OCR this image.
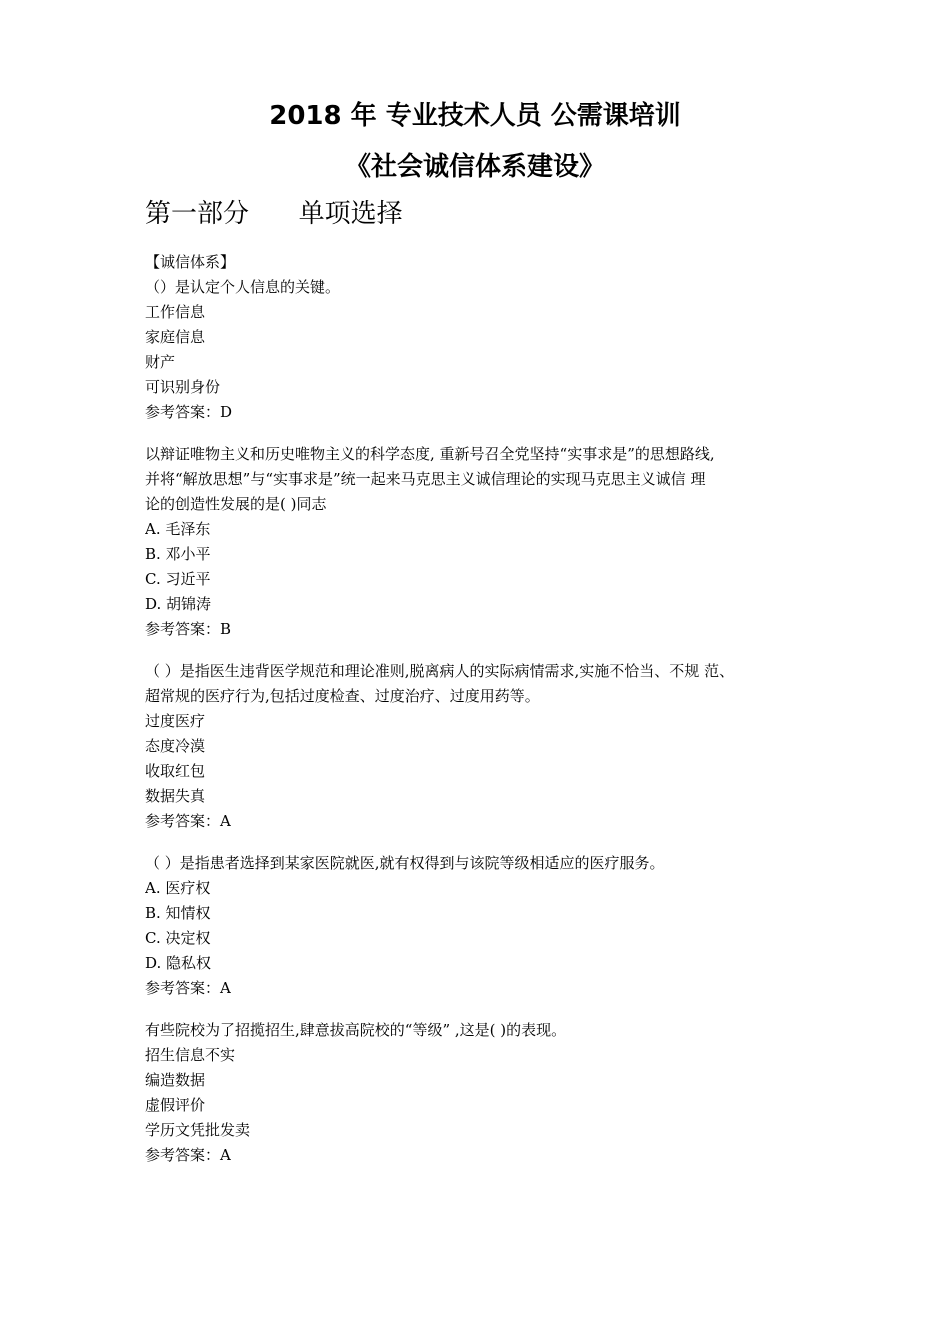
2018 年 专业技术人员 公需课培训
《社会诚信体系建设》
第一部分      单项选择
【诚信体系】
（）是认定个人信息的关键。
工作信息
家庭信息
财产
可识别身份
参考答案：D
以辩证唯物主义和历史唯物主义的科学态度, 重新号召全党坚持“实事求是”的思想路线,
并将“解放思想”与“实事求是”统一起来马克思主义诚信理论的实现马克思主义诚信 理
论的创造性发展的是( )同志
A. 毛泽东
B. 邓小平
C. 习近平
D. 胡锦涛
参考答案：B
（ ）是指医生违背医学规范和理论准则,脱离病人的实际病情需求,实施不恰当、不规 范、
超常规的医疗行为,包括过度检查、过度治疗、过度用药等。
过度医疗
态度冷漠
收取红包
数据失真
参考答案：A
（ ）是指患者选择到某家医院就医,就有权得到与该院等级相适应的医疗服务。
A. 医疗权
B. 知情权
C. 决定权
D. 隐私权
参考答案：A
有些院校为了招揽招生,肆意拔高院校的“等级” ,这是( )的表现。
招生信息不实
编造数据
虚假评价
学历文凭批发卖
参考答案：A
